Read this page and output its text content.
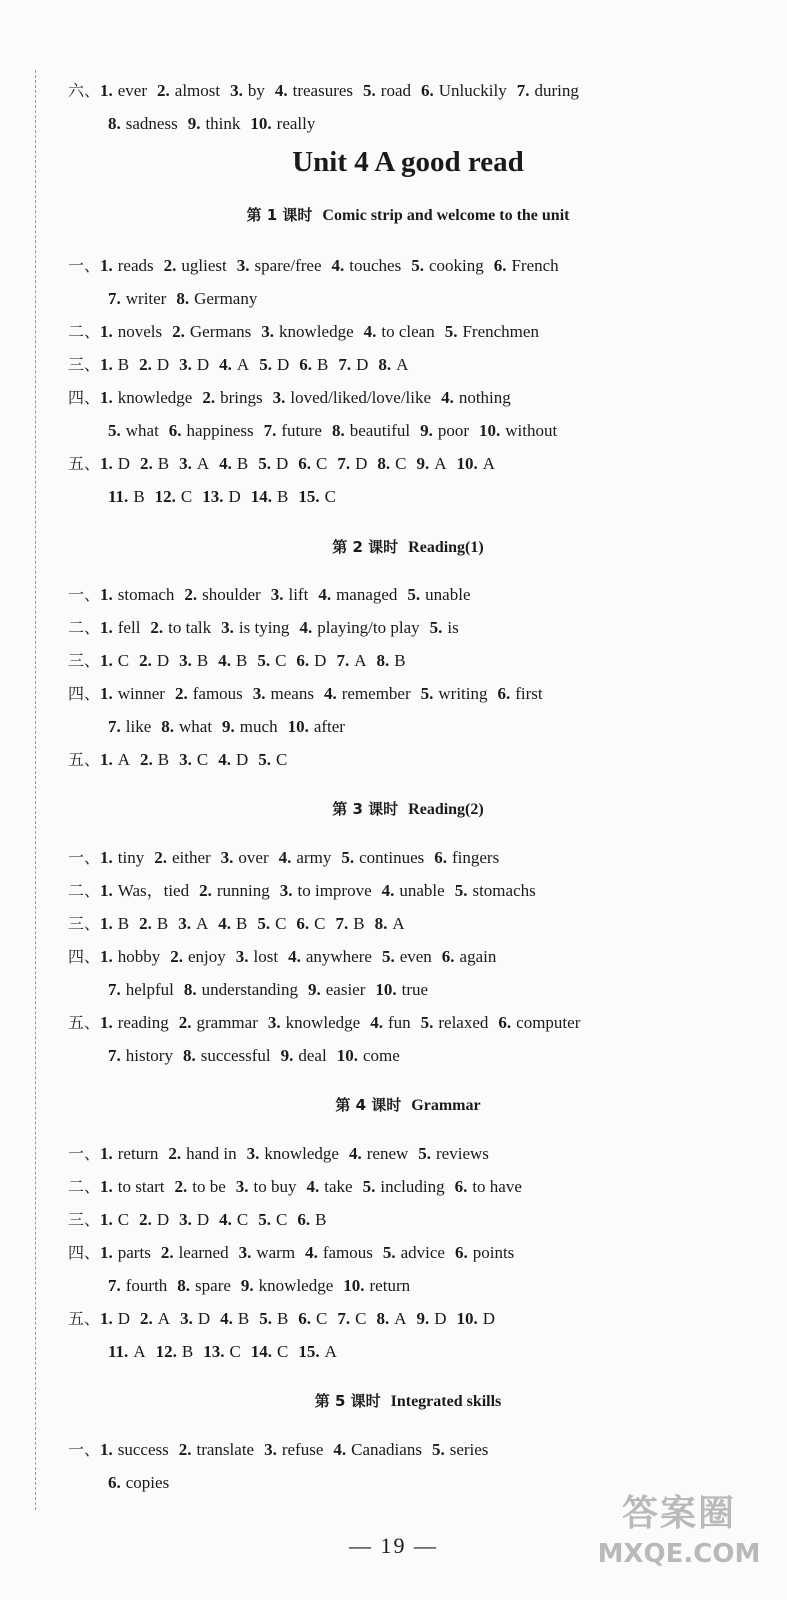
Unit 4 A good read
六、1. ever 2. almost 3. by 4. treasures 5. road 6. Unluckily 7. during
8. sadness 9. think 10. really
第 1 课时 Comic strip and welcome to the unit
一、1. reads 2. ugliest 3. spare/free 4. touches 5. cooking 6. French
7. writer 8. Germany
二、1. novels 2. Germans 3. knowledge 4. to clean 5. Frenchmen
三、1. B 2. D 3. D 4. A 5. D 6. B 7. D 8. A
四、1. knowledge 2. brings 3. loved/liked/love/like 4. nothing
5. what 6. happiness 7. future 8. beautiful 9. poor 10. without
五、1. D 2. B 3. A 4. B 5. D 6. C 7. D 8. C 9. A 10. A
11. B 12. C 13. D 14. B 15. C
第 2 课时 Reading(1)
一、1. stomach 2. shoulder 3. lift 4. managed 5. unable
二、1. fell 2. to talk 3. is tying 4. playing/to play 5. is
三、1. C 2. D 3. B 4. B 5. C 6. D 7. A 8. B
四、1. winner 2. famous 3. means 4. remember 5. writing 6. first
7. like 8. what 9. much 10. after
五、1. A 2. B 3. C 4. D 5. C
第 3 课时 Reading(2)
一、1. tiny 2. either 3. over 4. army 5. continues 6. fingers
二、1. Was，tied 2. running 3. to improve 4. unable 5. stomachs
三、1. B 2. B 3. A 4. B 5. C 6. C 7. B 8. A
四、1. hobby 2. enjoy 3. lost 4. anywhere 5. even 6. again
7. helpful 8. understanding 9. easier 10. true
五、1. reading 2. grammar 3. knowledge 4. fun 5. relaxed 6. computer
7. history 8. successful 9. deal 10. come
第 4 课时 Grammar
一、1. return 2. hand in 3. knowledge 4. renew 5. reviews
二、1. to start 2. to be 3. to buy 4. take 5. including 6. to have
三、1. C 2. D 3. D 4. C 5. C 6. B
四、1. parts 2. learned 3. warm 4. famous 5. advice 6. points
7. fourth 8. spare 9. knowledge 10. return
五、1. D 2. A 3. D 4. B 5. B 6. C 7. C 8. A 9. D 10. D
11. A 12. B 13. C 14. C 15. A
第 5 课时 Integrated skills
一、1. success 2. translate 3. refuse 4. Canadians 5. series
6. copies
— 19 —
答案圈
MXQE.COM
